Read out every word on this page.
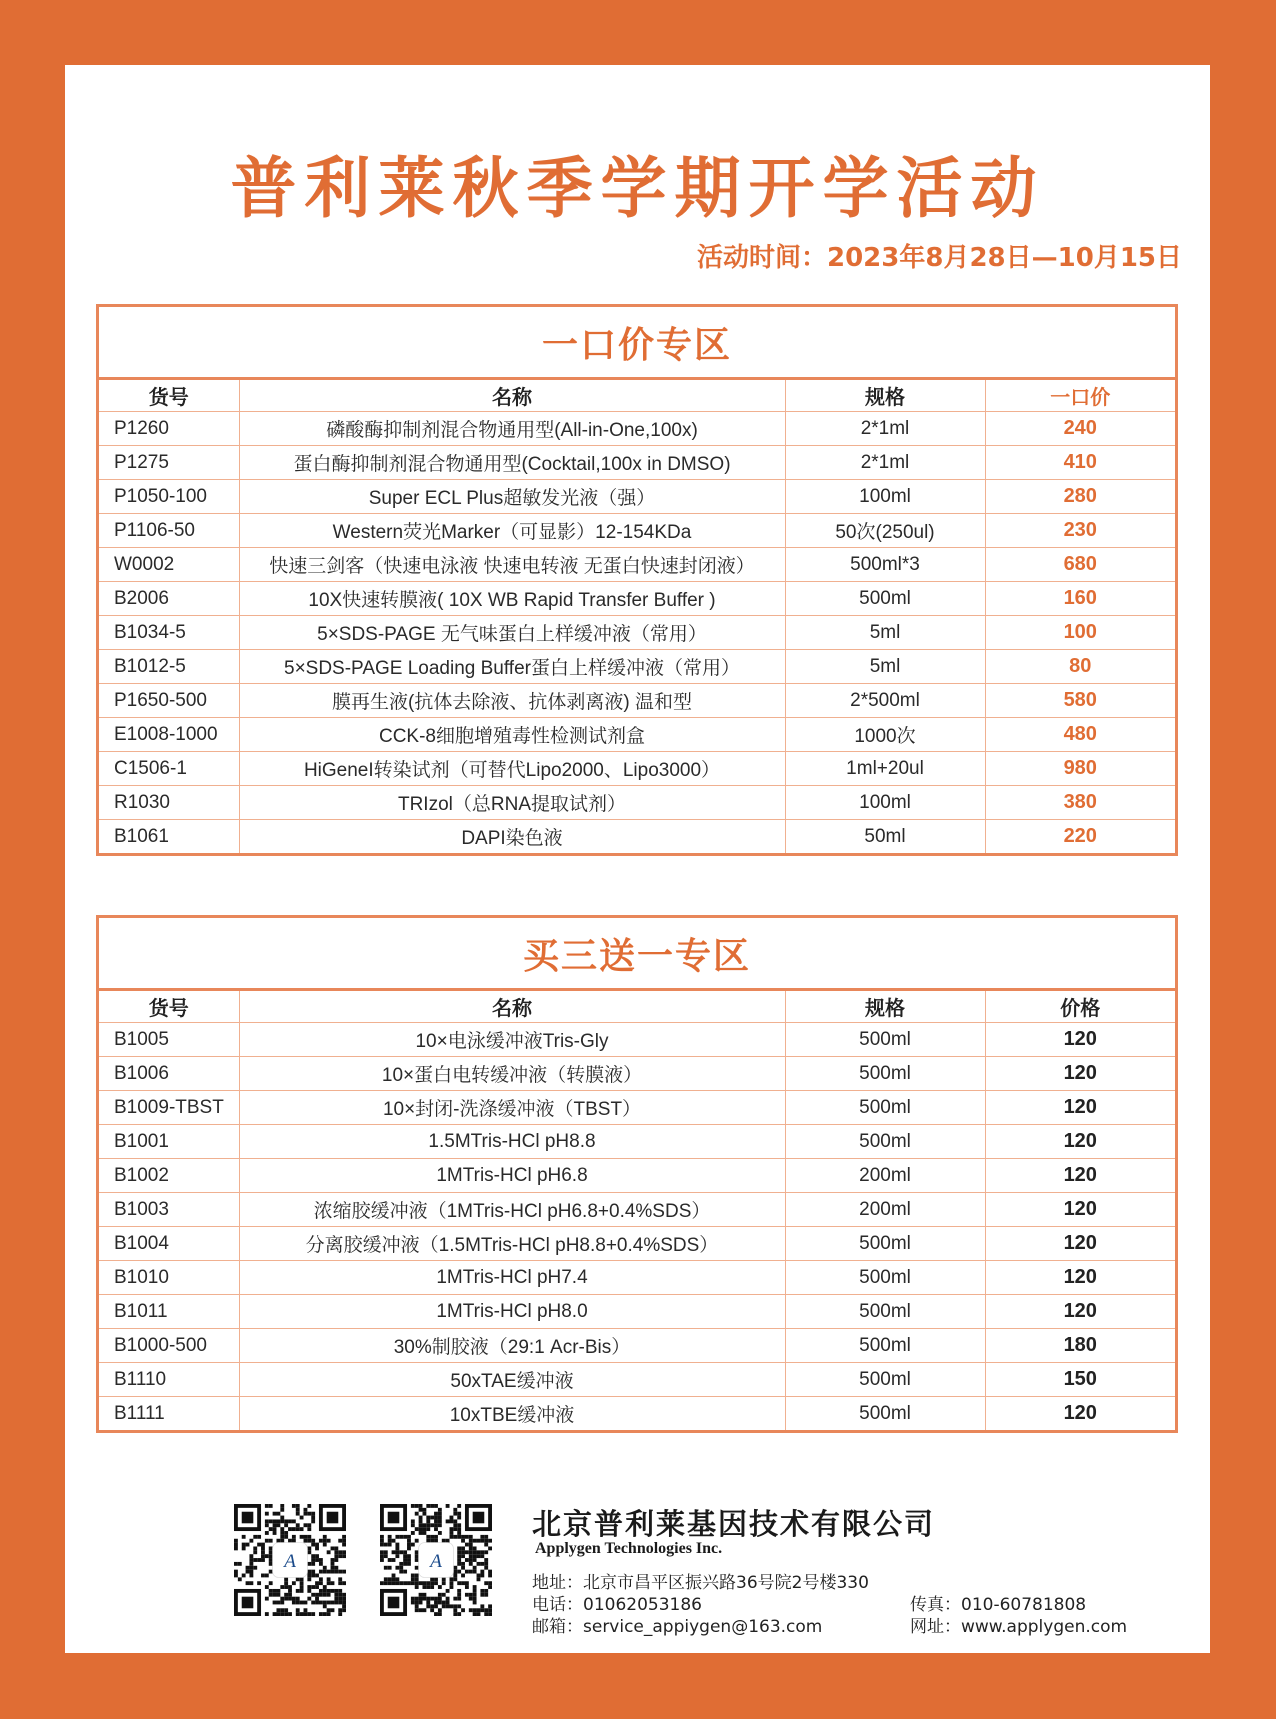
普利莱秋季学期开学活动
活动时间：2023年8月28日—10月15日
一口价专区
货号	名称	规格	一口价
P1260	磷酸酶抑制剂混合物通用型(All-in-One,100x)	2*1ml	240
P1275	蛋白酶抑制剂混合物通用型(Cocktail,100x in DMSO)	2*1ml	410
P1050-100	Super ECL Plus超敏发光液（强）	100ml	280
P1106-50	Western荧光Marker（可显影）12-154KDa	50次(250ul)	230
W0002	快速三剑客（快速电泳液 快速电转液 无蛋白快速封闭液）	500ml*3	680
B2006	10X快速转膜液( 10X WB Rapid Transfer Buffer )	500ml	160
B1034-5	5×SDS-PAGE 无气味蛋白上样缓冲液（常用）	5ml	100
B1012-5	5×SDS-PAGE Loading Buffer蛋白上样缓冲液（常用）	5ml	80
P1650-500	膜再生液(抗体去除液、抗体剥离液) 温和型	2*500ml	580
E1008-1000	CCK-8细胞增殖毒性检测试剂盒	1000次	480
C1506-1	HiGeneI转染试剂（可替代Lipo2000、Lipo3000）	1ml+20ul	980
R1030	TRIzol（总RNA提取试剂）	100ml	380
B1061	DAPI染色液	50ml	220
买三送一专区
货号	名称	规格	价格
B1005	10×电泳缓冲液Tris-Gly	500ml	120
B1006	10×蛋白电转缓冲液（转膜液）	500ml	120
B1009-TBST	10×封闭-洗涤缓冲液（TBST）	500ml	120
B1001	1.5MTris-HCl pH8.8	500ml	120
B1002	1MTris-HCl pH6.8	200ml	120
B1003	浓缩胶缓冲液（1MTris-HCl pH6.8+0.4%SDS）	200ml	120
B1004	分离胶缓冲液（1.5MTris-HCl pH8.8+0.4%SDS）	500ml	120
B1010	1MTris-HCl pH7.4	500ml	120
B1011	1MTris-HCl pH8.0	500ml	120
B1000-500	30%制胶液（29:1 Acr-Bis）	500ml	180
B1110	50xTAE缓冲液	500ml	150
B1111	10xTBE缓冲液	500ml	120
A	A
北京普利莱基因技术有限公司
Applygen Technologies Inc.
地址：北京市昌平区振兴路36号院2号楼330
电话：01062053186
邮箱：service_appiygen@163.com
传真：010-60781808
网址：www.applygen.com
